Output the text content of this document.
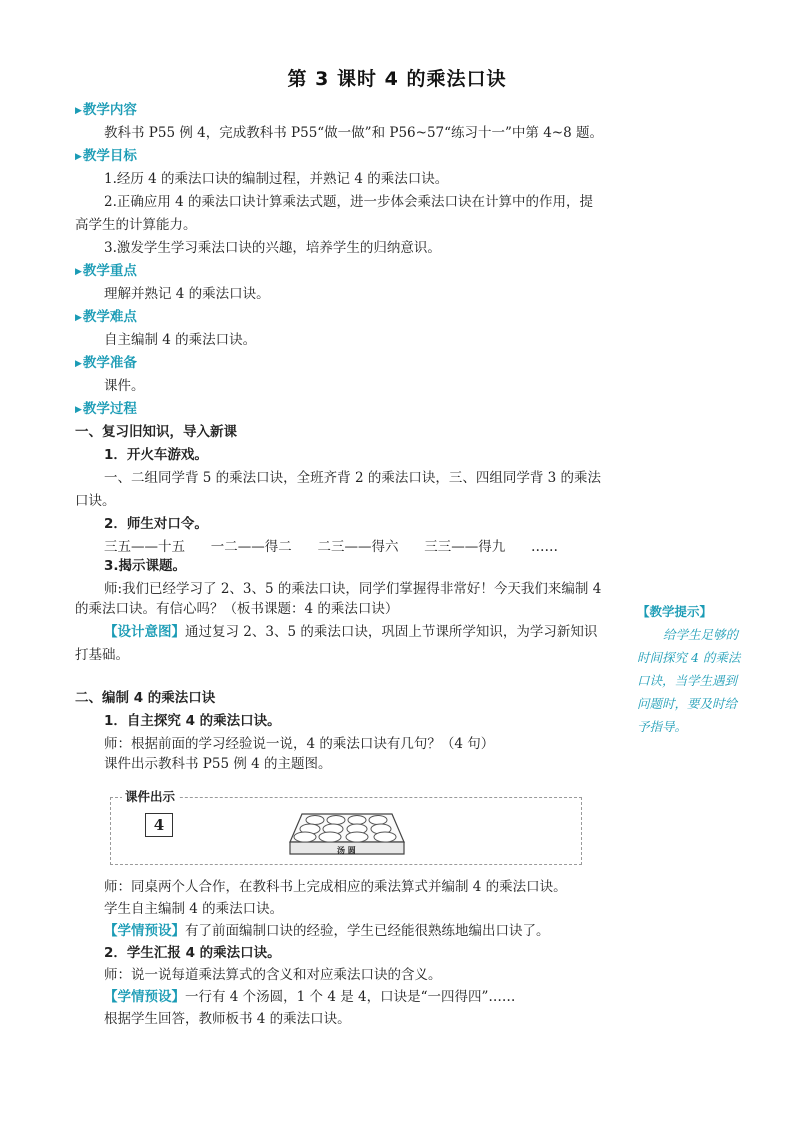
第 3 课时 4 的乘法口诀
▶教学内容
教科书 P55 例 4，完成教科书 P55“做一做”和 P56~57“练习十一”中第 4~8 题。
▶教学目标
1.经历 4 的乘法口诀的编制过程，并熟记 4 的乘法口诀。
2.正确应用 4 的乘法口诀计算乘法式题，进一步体会乘法口诀在计算中的作用，提
高学生的计算能力。
3.激发学生学习乘法口诀的兴趣，培养学生的归纳意识。
▶教学重点
理解并熟记 4 的乘法口诀。
▶教学难点
自主编制 4 的乘法口诀。
▶教学准备
课件。
▶教学过程
一、复习旧知识，导入新课
1．开火车游戏。
一、二组同学背 5 的乘法口诀，全班齐背 2 的乘法口诀，三、四组同学背 3 的乘法
口诀。
2．师生对口令。
三五——十五      一二——得二      二三——得六      三三——得九      ……
3.揭示课题。
师:我们已经学习了 2、3、5 的乘法口诀，同学们掌握得非常好！今天我们来编制 4
的乘法口诀。有信心吗？（板书课题：4 的乘法口诀）
【设计意图】通过复习 2、3、5 的乘法口诀，巩固上节课所学知识，为学习新知识
打基础。
二、编制 4 的乘法口诀
1．自主探究 4 的乘法口诀。
师：根据前面的学习经验说一说，4 的乘法口诀有几句？（4 句）
课件出示教科书 P55 例 4 的主题图。
课件出示
4
汤 圆
师：同桌两个人合作，在教科书上完成相应的乘法算式并编制 4 的乘法口诀。
学生自主编制 4 的乘法口诀。
【学情预设】有了前面编制口诀的经验，学生已经能很熟练地编出口诀了。
2．学生汇报 4 的乘法口诀。
师：说一说每道乘法算式的含义和对应乘法口诀的含义。
【学情预设】一行有 4 个汤圆，1 个 4 是 4，口诀是“一四得四”……
根据学生回答，教师板书 4 的乘法口诀。
【教学提示】
给学生足够的
时间探究 4 的乘法
口诀，当学生遇到
问题时，要及时给
予指导。
